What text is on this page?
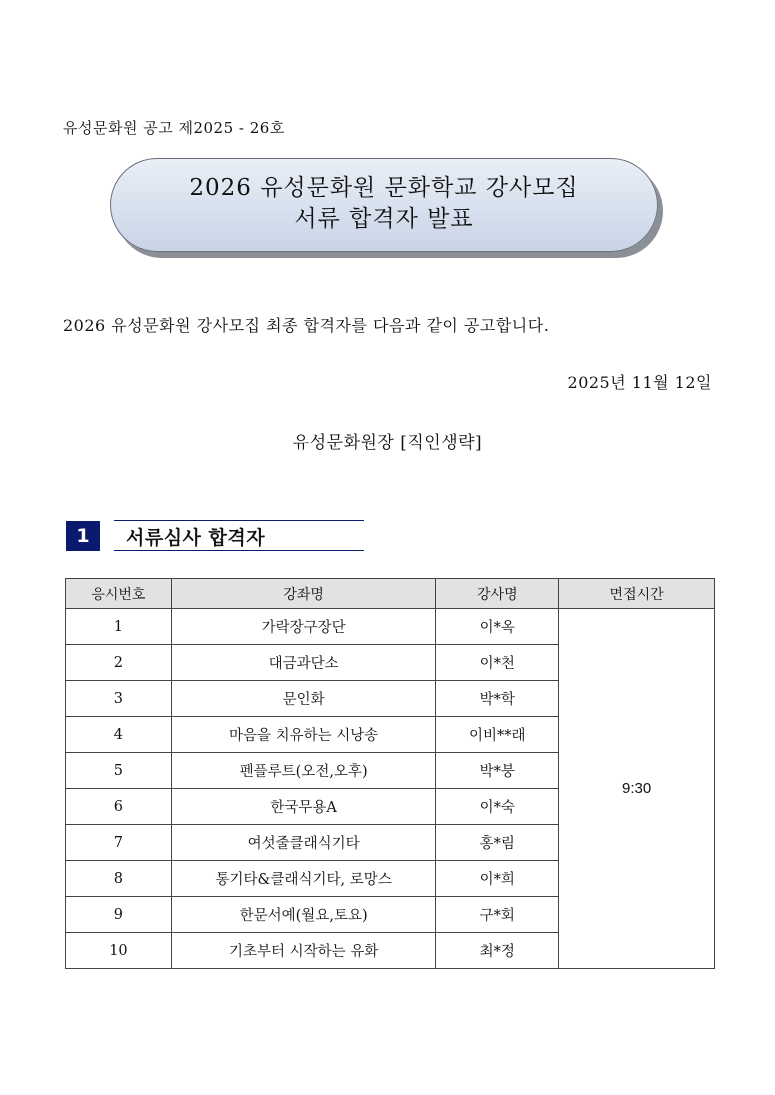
유성문화원 공고 제2025 - 26호
2026 유성문화원 문화학교 강사모집
서류 합격자 발표
2026 유성문화원 강사모집 최종 합격자를 다음과 같이 공고합니다.
2025년 11월 12일
유성문화원장 [직인생략]
1	서류심사 합격자
응시번호	강좌명	강사명	면접시간
1	가락장구장단	이*옥	9:30
2	대금과단소	이*천	
3	문인화	박*학	
4	마음을 치유하는 시낭송	이비**래	
5	펜플루트(오전,오후)	박*붕	
6	한국무용A	이*숙	
7	여섯줄클래식기타	홍*림	
8	통기타&클래식기타, 로망스	이*희	
9	한문서예(월요,토요)	구*회	
10	기초부터 시작하는 유화	최*정	
